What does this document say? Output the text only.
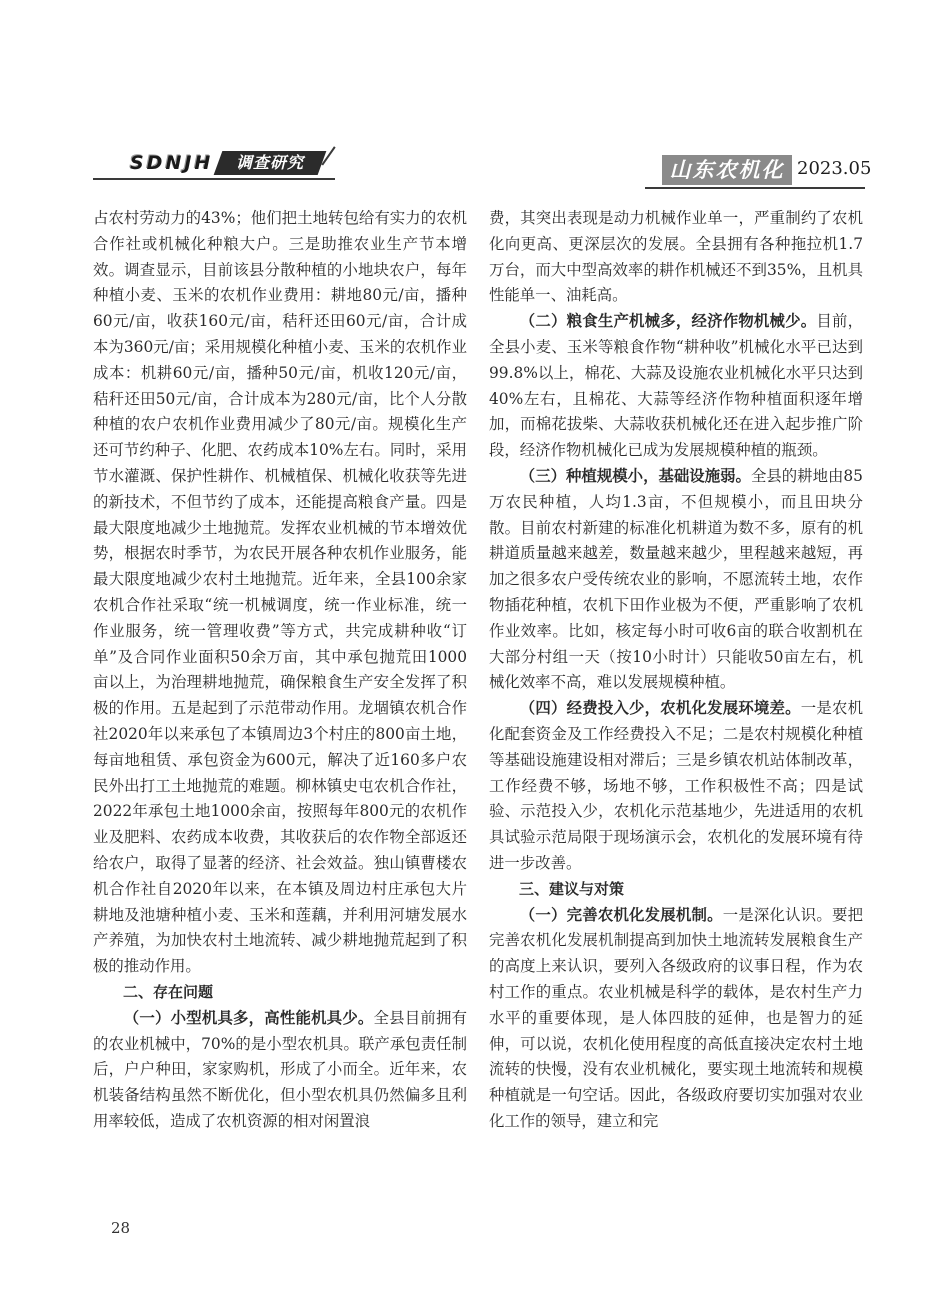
SDNJH	调查研究	山东农机化 2023.05

占农村劳动力的43%；他们把土地转包给有实力的农机合作社或机械化种粮大户。三是助推农业生产节本增效。调查显示，目前该县分散种植的小地块农户，每年种植小麦、玉米的农机作业费用：耕地80元/亩，播种60元/亩，收获160元/亩，秸秆还田60元/亩，合计成本为360元/亩；采用规模化种植小麦、玉米的农机作业成本：机耕60元/亩，播种50元/亩，机收120元/亩，秸秆还田50元/亩，合计成本为280元/亩，比个人分散种植的农户农机作业费用减少了80元/亩。规模化生产还可节约种子、化肥、农药成本10%左右。同时，采用节水灌溉、保护性耕作、机械植保、机械化收获等先进的新技术，不但节约了成本，还能提高粮食产量。四是最大限度地减少土地抛荒。发挥农业机械的节本增效优势，根据农时季节，为农民开展各种农机作业服务，能最大限度地减少农村土地抛荒。近年来，全县100余家农机合作社采取“统一机械调度，统一作业标准，统一作业服务，统一管理收费”等方式，共完成耕种收“订单”及合同作业面积50余万亩，其中承包抛荒田1000亩以上，为治理耕地抛荒，确保粮食生产安全发挥了积极的作用。五是起到了示范带动作用。龙堌镇农机合作社2020年以来承包了本镇周边3个村庄的800亩土地，每亩地租赁、承包资金为600元，解决了近160多户农民外出打工土地抛荒的难题。柳林镇史屯农机合作社，2022年承包土地1000余亩，按照每年800元的农机作业及肥料、农药成本收费，其收获后的农作物全部返还给农户，取得了显著的经济、社会效益。独山镇曹楼农机合作社自2020年以来，在本镇及周边村庄承包大片耕地及池塘种植小麦、玉米和莲藕，并利用河塘发展水产养殖，为加快农村土地流转、减少耕地抛荒起到了积极的推动作用。

二、存在问题

（一）小型机具多，高性能机具少。全县目前拥有的农业机械中，70%的是小型农机具。联产承包责任制后，户户种田，家家购机，形成了小而全。近年来，农机装备结构虽然不断优化，但小型农机具仍然偏多且利用率较低，造成了农机资源的相对闲置浪

费，其突出表现是动力机械作业单一，严重制约了农机化向更高、更深层次的发展。全县拥有各种拖拉机1.7万台，而大中型高效率的耕作机械还不到35%，且机具性能单一、油耗高。

（二）粮食生产机械多，经济作物机械少。目前，全县小麦、玉米等粮食作物“耕种收”机械化水平已达到99.8%以上，棉花、大蒜及设施农业机械化水平只达到40%左右，且棉花、大蒜等经济作物种植面积逐年增加，而棉花拔柴、大蒜收获机械化还在进入起步推广阶段，经济作物机械化已成为发展规模种植的瓶颈。

（三）种植规模小，基础设施弱。全县的耕地由85万农民种植，人均1.3亩，不但规模小，而且田块分散。目前农村新建的标准化机耕道为数不多，原有的机耕道质量越来越差，数量越来越少，里程越来越短，再加之很多农户受传统农业的影响，不愿流转土地，农作物插花种植，农机下田作业极为不便，严重影响了农机作业效率。比如，核定每小时可收6亩的联合收割机在大部分村组一天（按10小时计）只能收50亩左右，机械化效率不高，难以发展规模种植。

（四）经费投入少，农机化发展环境差。一是农机化配套资金及工作经费投入不足；二是农村规模化种植等基础设施建设相对滞后；三是乡镇农机站体制改革，工作经费不够，场地不够，工作积极性不高；四是试验、示范投入少，农机化示范基地少，先进适用的农机具试验示范局限于现场演示会，农机化的发展环境有待进一步改善。

三、建议与对策

（一）完善农机化发展机制。一是深化认识。要把完善农机化发展机制提高到加快土地流转发展粮食生产的高度上来认识，要列入各级政府的议事日程，作为农村工作的重点。农业机械是科学的载体，是农村生产力水平的重要体现，是人体四肢的延伸，也是智力的延伸，可以说，农机化使用程度的高低直接决定农村土地流转的快慢，没有农业机械化，要实现土地流转和规模种植就是一句空话。因此，各级政府要切实加强对农业化工作的领导，建立和完

28
